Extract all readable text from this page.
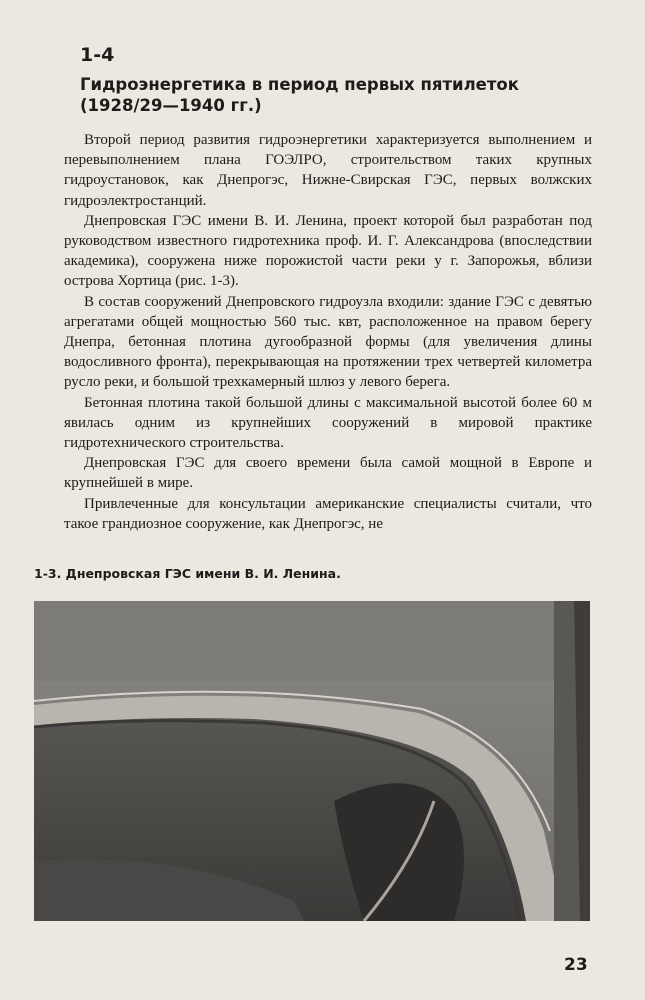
1-4
Гидроэнергетика в период первых пятилеток
(1928/29—1940 гг.)

Второй период развития гидроэнергетики характеризуется выполнением и перевыполнением плана ГОЭЛРО, строительством таких крупных гидроустановок, как Днепрогэс, Нижне-Свирская ГЭС, первых волжских гидроэлектростанций.

Днепровская ГЭС имени В. И. Ленина, проект которой был разработан под руководством известного гидротехника проф. И. Г. Александрова (впоследствии академика), сооружена ниже порожистой части реки у г. Запорожья, вблизи острова Хортица (рис. 1-3).

В состав сооружений Днепровского гидроузла входили: здание ГЭС с девятью агрегатами общей мощностью 560 тыс. квт, расположенное на правом берегу Днепра, бетонная плотина дугообразной формы (для увеличения длины водосливного фронта), перекрывающая на протяжении трех четвертей километра русло реки, и большой трехкамерный шлюз у левого берега.

Бетонная плотина такой большой длины с максимальной высотой более 60 м явилась одним из крупнейших сооружений в мировой практике гидротехнического строительства.

Днепровская ГЭС для своего времени была самой мощной в Европе и крупнейшей в мире.

Привлеченные для консультации американские специалисты считали, что такое грандиозное сооружение, как Днепрогэс, не

1-3. Днепровская ГЭС имени В. И. Ленина.
23
